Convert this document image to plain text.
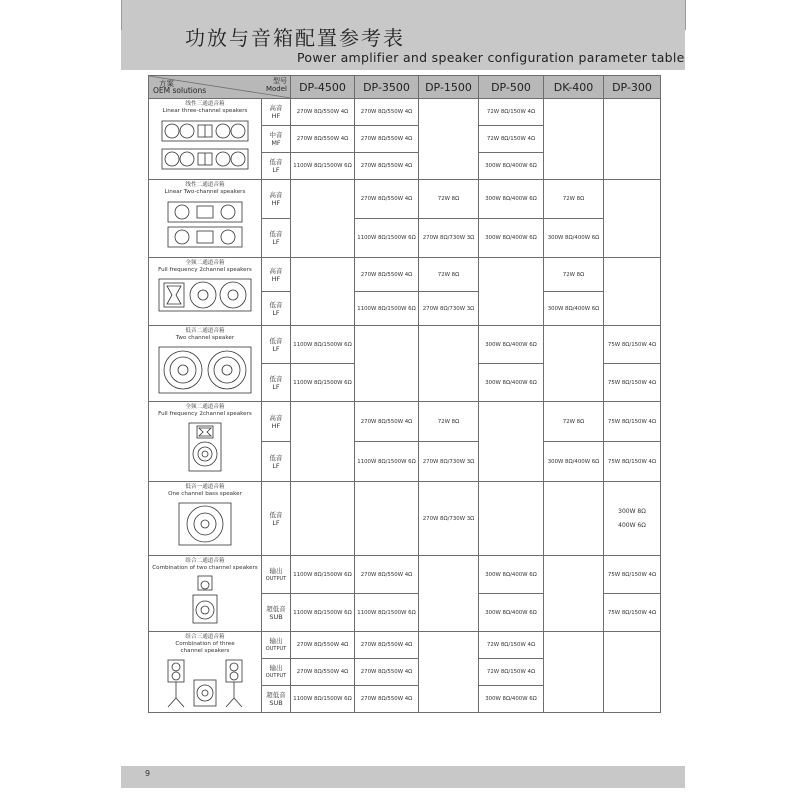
功放与音箱配置参考表
Power amplifier and speaker configuration parameter table
方案
OEM solutions
型号
Model		DP-4500	DP-3500	DP-1500	DP-500	DK-400	DP-300

线性三通道音箱
Linear three-channel speakers	高音
HF	270W 8Ω/550W 4Ω	270W 8Ω/550W 4Ω		72W 8Ω/150W 4Ω		

	中音
MF	270W 8Ω/550W 4Ω	270W 8Ω/550W 4Ω		72W 8Ω/150W 4Ω		

	低音
LF	1100W 8Ω/1500W 6Ω	270W 8Ω/550W 4Ω		300W 8Ω/400W 6Ω		

线性二通道音箱
Linear Two-channel speakers	高音
HF		270W 8Ω/550W 4Ω	72W 8Ω	300W 8Ω/400W 6Ω	72W 8Ω	

	低音
LF		1100W 8Ω/1500W 6Ω	270W 8Ω/730W 3Ω	300W 8Ω/400W 6Ω	300W 8Ω/400W 6Ω	

全频二通道音箱
Full frequency 2channel speakers	高音
HF		270W 8Ω/550W 4Ω	72W 8Ω		72W 8Ω	

	低音
LF		1100W 8Ω/1500W 6Ω	270W 8Ω/730W 3Ω		300W 8Ω/400W 6Ω	

低音二通道音箱
Two channel speaker	低音
LF	1100W 8Ω/1500W 6Ω			300W 8Ω/400W 6Ω		75W 8Ω/150W 4Ω

	低音
LF	1100W 8Ω/1500W 6Ω			300W 8Ω/400W 6Ω		75W 8Ω/150W 4Ω

全频二通道音箱
Full frequency 2channel speakers	高音
HF		270W 8Ω/550W 4Ω	72W 8Ω		72W 8Ω	75W 8Ω/150W 4Ω

	低音
LF		1100W 8Ω/1500W 6Ω	270W 8Ω/730W 3Ω		300W 8Ω/400W 6Ω	75W 8Ω/150W 4Ω

低音一通道音箱
One channel bass speaker	低音
LF			270W 8Ω/730W 3Ω			300W 8Ω
400W 6Ω

组合二通道音箱
Combination of two channel speakers	输出
OUTPUT	1100W 8Ω/1500W 6Ω	270W 8Ω/550W 4Ω		300W 8Ω/400W 6Ω		75W 8Ω/150W 4Ω

	超低音
SUB	1100W 8Ω/1500W 6Ω	1100W 8Ω/1500W 6Ω		300W 8Ω/400W 6Ω		75W 8Ω/150W 4Ω

组合三通道音箱
Combination of three channel speakers	输出
OUTPUT	270W 8Ω/550W 4Ω	270W 8Ω/550W 4Ω		72W 8Ω/150W 4Ω		

	输出
OUTPUT	270W 8Ω/550W 4Ω	270W 8Ω/550W 4Ω		72W 8Ω/150W 4Ω		

	超低音
SUB	1100W 8Ω/1500W 6Ω	270W 8Ω/550W 4Ω		300W 8Ω/400W 6Ω		
9
